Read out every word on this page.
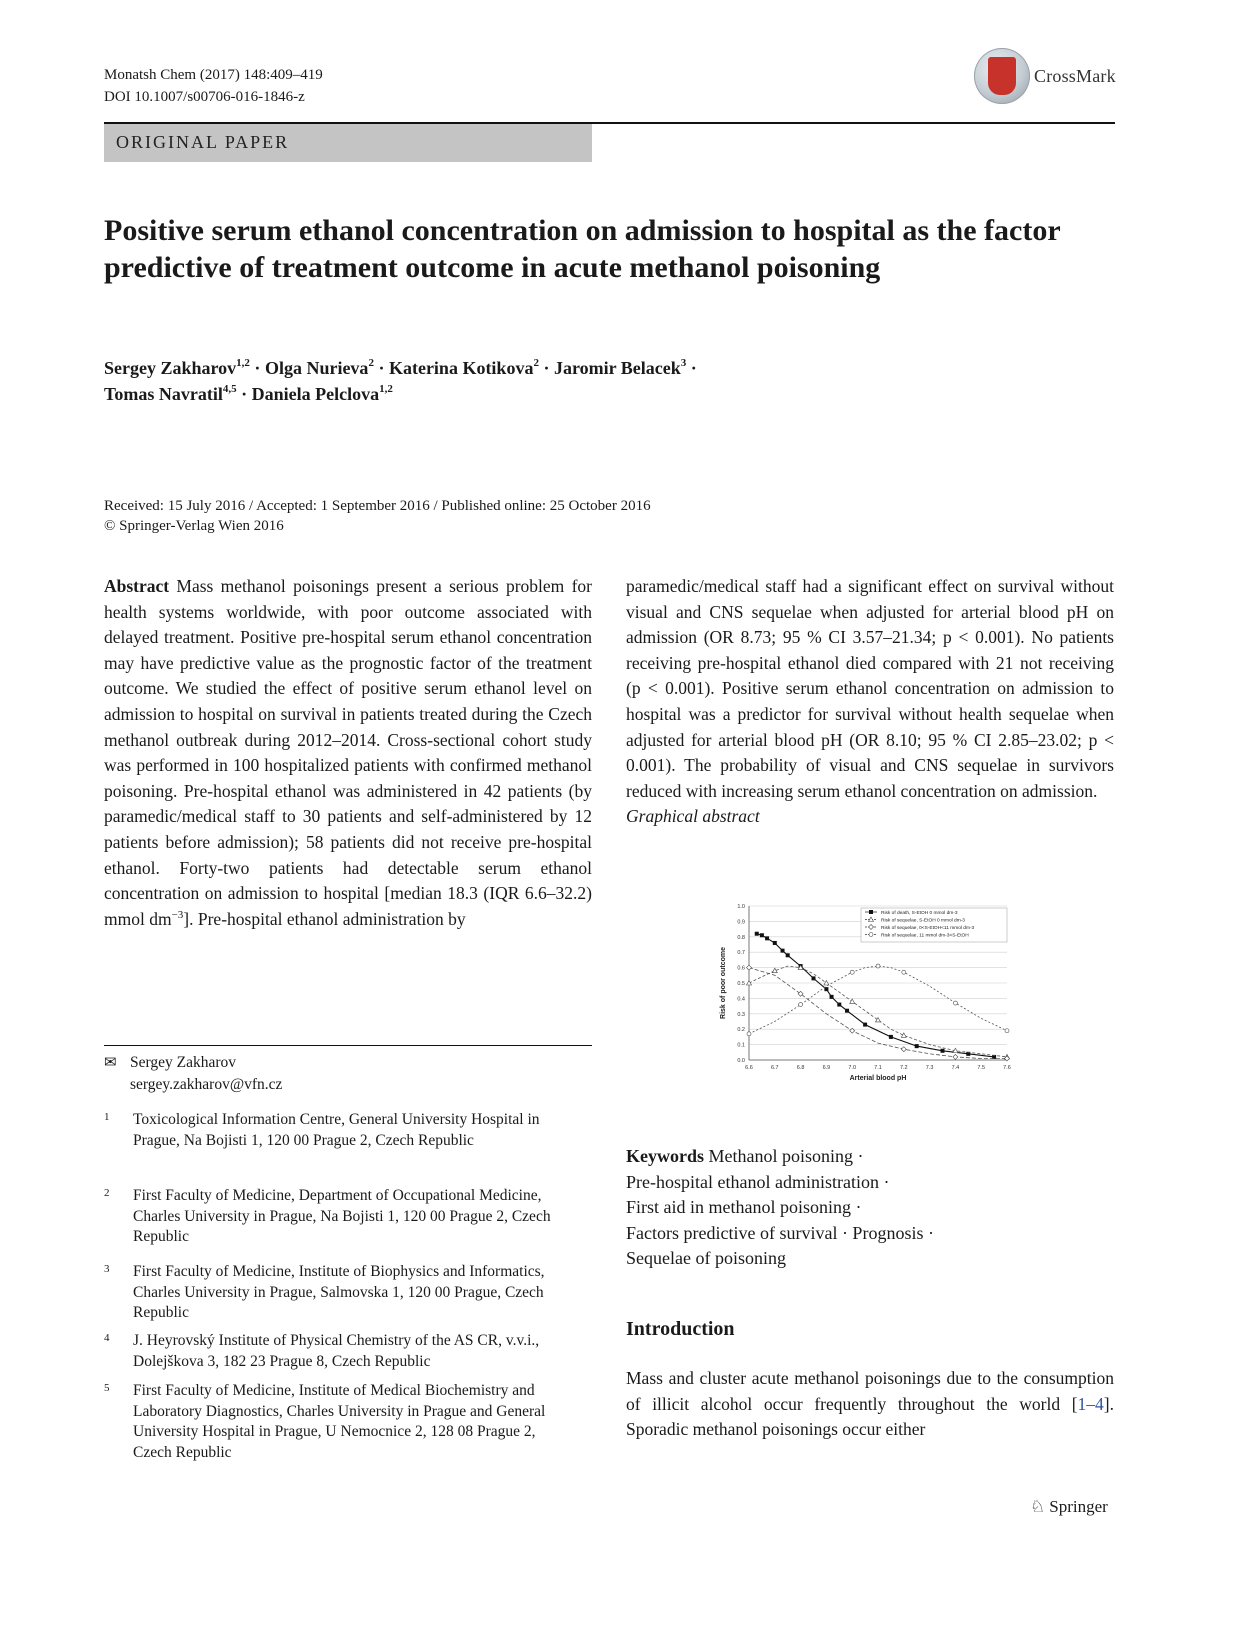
Monatsh Chem (2017) 148:409–419
DOI 10.1007/s00706-016-1846-z
CrossMark
ORIGINAL PAPER
Positive serum ethanol concentration on admission to hospital as the factor predictive of treatment outcome in acute methanol poisoning
Sergey Zakharov$^{1,2}$ · Olga Nurieva$^2$ · Katerina Kotikova$^2$ · Jaromir Belacek$^3$ ·
Tomas Navratil$^{4,5}$ · Daniela Pelclova$^{1,2}$
Received: 15 July 2016 / Accepted: 1 September 2016 / Published online: 25 October 2016
© Springer-Verlag Wien 2016

Abstract Mass methanol poisonings present a serious problem for health systems worldwide, with poor outcome associated with delayed treatment. Positive pre-hospital serum ethanol concentration may have predictive value as the prognostic factor of the treatment outcome. We studied the effect of positive serum ethanol level on admission to hospital on survival in patients treated during the Czech methanol outbreak during 2012–2014. Cross-sectional cohort study was performed in 100 hospitalized patients with confirmed methanol poisoning. Pre-hospital ethanol was administered in 42 patients (by paramedic/medical staff to 30 patients and self-administered by 12 patients before admission); 58 patients did not receive pre-hospital ethanol. Forty-two patients had detectable serum ethanol concentration on admission to hospital [median 18.3 (IQR 6.6–32.2) mmol $dm^{-3}$]. Pre-hospital ethanol administration by

paramedic/medical staff had a significant effect on survival without visual and CNS sequelae when adjusted for arterial blood pH on admission (OR 8.73; 95 % CI 3.57–21.34; p < 0.001). No patients receiving pre-hospital ethanol died compared with 21 not receiving (p < 0.001). Positive serum ethanol concentration on admission to hospital was a predictor for survival without health sequelae when adjusted for arterial blood pH (OR 8.10; 95 % CI 2.85–23.02; p < 0.001). The probability of visual and CNS sequelae in survivors reduced with increasing serum ethanol concentration on admission.

Graphical abstract
0.0
0.1
0.2
0.3
0.4
0.5
0.6
0.7
0.8
0.9
1.0
6.6	6.7	6.8	6.9	7.0	7.1	7.2	7.3	7.4	7.5	7.6
Risk of death, S-EtOH 0 mmol dm-3
Risk of sequelae, S-EtOH 0 mmol dm-3
Risk of sequelae, 0<S-EtOH<11 mmol dm-3
Risk of sequelae, 11 mmol dm-3<S-EtOH
Arterial blood pH
Risk of poor outcome
✉ Sergey Zakharov
sergey.zakharov@vfn.cz
1 Toxicological Information Centre, General University Hospital in Prague, Na Bojisti 1, 120 00 Prague 2, Czech Republic
2 First Faculty of Medicine, Department of Occupational Medicine, Charles University in Prague, Na Bojisti 1, 120 00 Prague 2, Czech Republic
3 First Faculty of Medicine, Institute of Biophysics and Informatics, Charles University in Prague, Salmovska 1, 120 00 Prague, Czech Republic
4 J. Heyrovský Institute of Physical Chemistry of the AS CR, v.v.i., Dolejškova 3, 182 23 Prague 8, Czech Republic
5 First Faculty of Medicine, Institute of Medical Biochemistry and Laboratory Diagnostics, Charles University in Prague and General University Hospital in Prague, U Nemocnice 2, 128 08 Prague 2, Czech Republic
Keywords Methanol poisoning ·
Pre-hospital ethanol administration ·
First aid in methanol poisoning ·
Factors predictive of survival · Prognosis ·
Sequelae of poisoning
Introduction

Mass and cluster acute methanol poisonings due to the consumption of illicit alcohol occur frequently throughout the world [1–4]. Sporadic methanol poisonings occur either

♘ Springer
